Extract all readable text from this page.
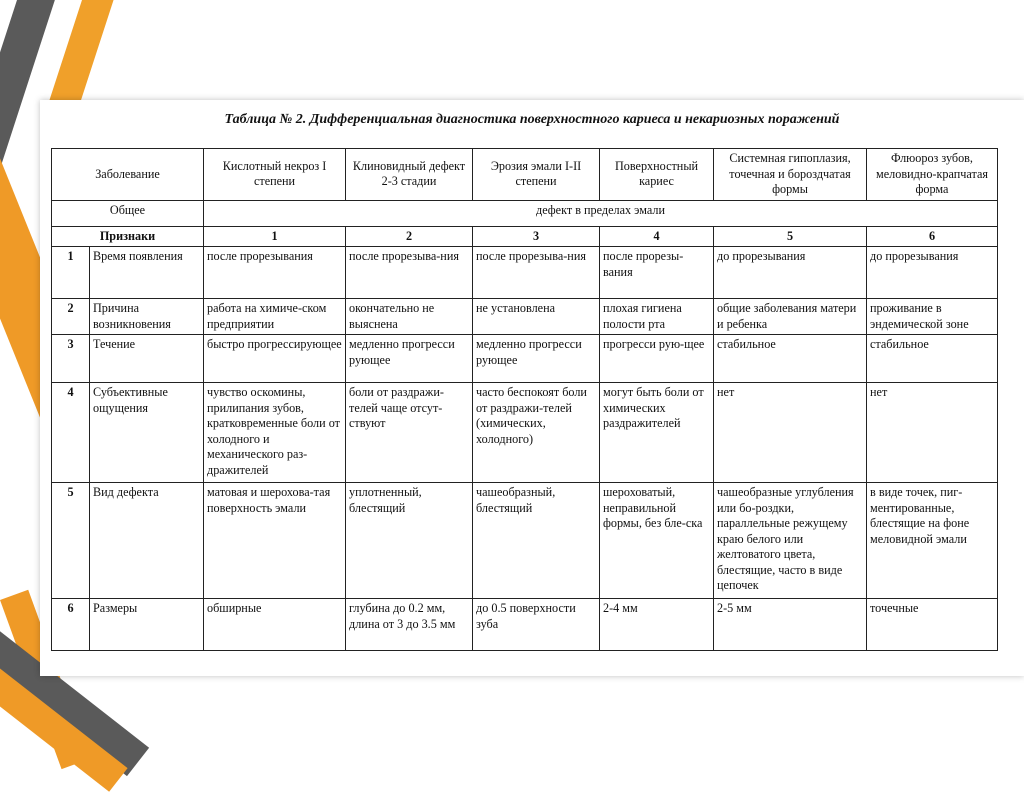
Таблица № 2. Дифференциальная диагностика поверхностного кариеса и некариозных поражений
Заболевание		Кислотный некроз I степени	Клиновидный дефект 2-3 стадии	Эрозия эмали I-II степени	Поверхностный кариес	Системная гипоплазия, точечная и бороздчатая формы	Флюороз зубов, меловидно-крапчатая форма
Общее		дефект в пределах эмали					
Признаки		1	2	3	4	5	6
1	Время появления	после прорезывания	после прорезыва-ния	после прорезыва-ния	после прорезы-вания	до прорезывания	до прорезывания
2	Причина возникновения	работа на химиче-ском предприятии	окончательно не выяснена	не установлена	плохая гигиена полости рта	общие заболевания матери и ребенка	проживание в эндемической зоне
3	Течение	быстро прогрессирующее	медленно прогресси рующее	медленно прогресси рующее	прогресси рую-щее	стабильное	стабильное
4	Субъективные ощущения	чувство оскомины, прилипания зубов, кратковременные боли от холодного и механического раз-дражителей	боли от раздражи-телей чаще отсут-ствуют	часто беспокоят боли от раздражи-телей (химических, холодного)	могут быть боли от химических раздражителей	нет	нет
5	Вид дефекта	матовая и шерохова-тая поверхность эмали	уплотненный, блестящий	чашеобразный, блестящий	шероховатый, неправильной формы, без бле-ска	чашеобразные углубления или бо-роздки, параллельные режущему краю белого или желтоватого цвета, блестящие, часто в виде цепочек	в виде точек, пиг-ментированные, блестящие на фоне меловидной эмали
6	Размеры	обширные	глубина до 0.2 мм, длина от 3 до 3.5 мм	до 0.5 поверхности зуба	2-4 мм	2-5 мм	точечные
